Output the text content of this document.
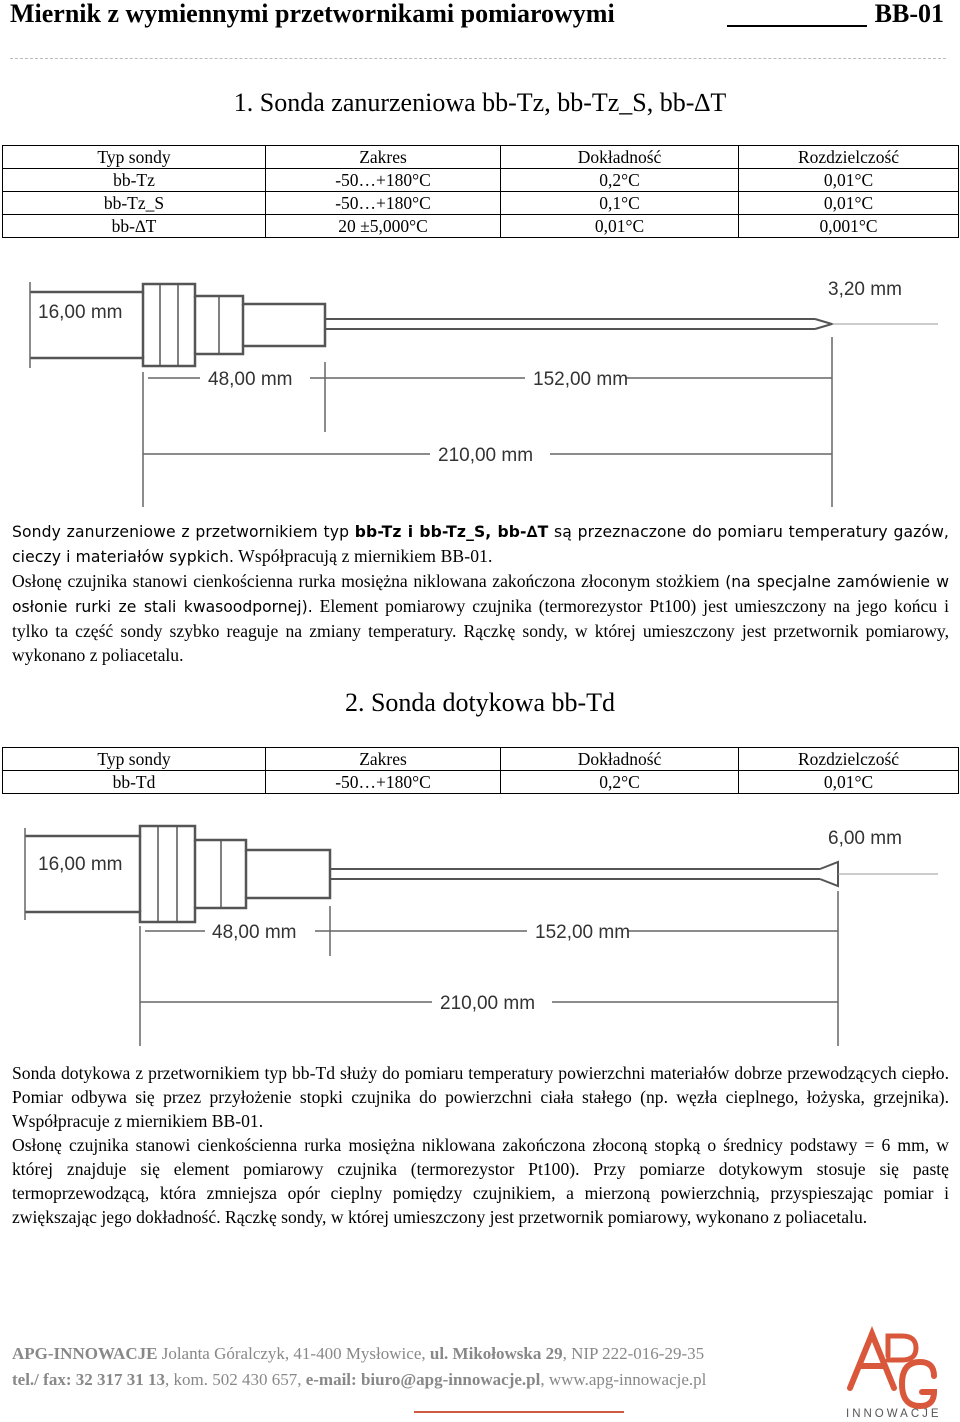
Miernik z wymiennymi przetwornikami pomiarowymi	BB-01
1. Sonda zanurzeniowa bb-Tz, bb-Tz_S, bb-∆T
Typ sondy	Zakres	Dokładność	Rozdzielczość
bb-Tz	-50…+180°C	0,2°C	0,01°C
bb-Tz_S	-50…+180°C	0,1°C	0,01°C
bb-∆T	20 ±5,000°C	0,01°C	0,001°C
16,00 mm
3,20 mm
48,00 mm	152,00 mm
210,00 mm

Sondy zanurzeniowe z przetwornikiem typ bb-Tz i bb-Tz_S, bb-∆T są przeznaczone do pomiaru temperatury gazów, cieczy i materiałów sypkich. Współpracują z miernikiem BB-01.

Osłonę czujnika stanowi cienkościenna rurka mosiężna niklowana zakończona złoconym stożkiem (na specjalne zamówienie w osłonie rurki ze stali kwasoodpornej). Element pomiarowy czujnika (termorezystor Pt100) jest umieszczony na jego końcu i tylko ta część sondy szybko reaguje na zmiany temperatury. Rączkę sondy, w której umieszczony jest przetwornik pomiarowy, wykonano z poliacetalu.

2. Sonda dotykowa bb-Td
Typ sondy	Zakres	Dokładność	Rozdzielczość
bb-Td	-50…+180°C	0,2°C	0,01°C
16,00 mm
6,00 mm
48,00 mm	152,00 mm
210,00 mm

Sonda dotykowa z przetwornikiem typ bb-Td służy do pomiaru temperatury powierzchni materiałów dobrze przewodzących ciepło. Pomiar odbywa się przez przyłożenie stopki czujnika do powierzchni ciała stałego (np. węzła cieplnego, łożyska, grzejnika). Współpracuje z miernikiem BB-01.

Osłonę czujnika stanowi cienkościenna rurka mosiężna niklowana zakończona złoconą stopką o średnicy podstawy = 6 mm, w której znajduje się element pomiarowy czujnika (termorezystor Pt100). Przy pomiarze dotykowym stosuje się pastę termoprzewodzącą, która zmniejsza opór cieplny pomiędzy czujnikiem, a mierzoną powierzchnią, przyspieszając pomiar i zwiększając jego dokładność. Rączkę sondy, w której umieszczony jest przetwornik pomiarowy, wykonano z poliacetalu.

APG-INNOWACJE Jolanta Góralczyk, 41-400 Mysłowice, ul. Mikołowska 29, NIP 222-016-29-35
tel./ fax: 32 317 31 13, kom. 502 430 657, e-mail: biuro@apg-innowacje.pl, www.apg-innowacje.pl
INNOWACJE
